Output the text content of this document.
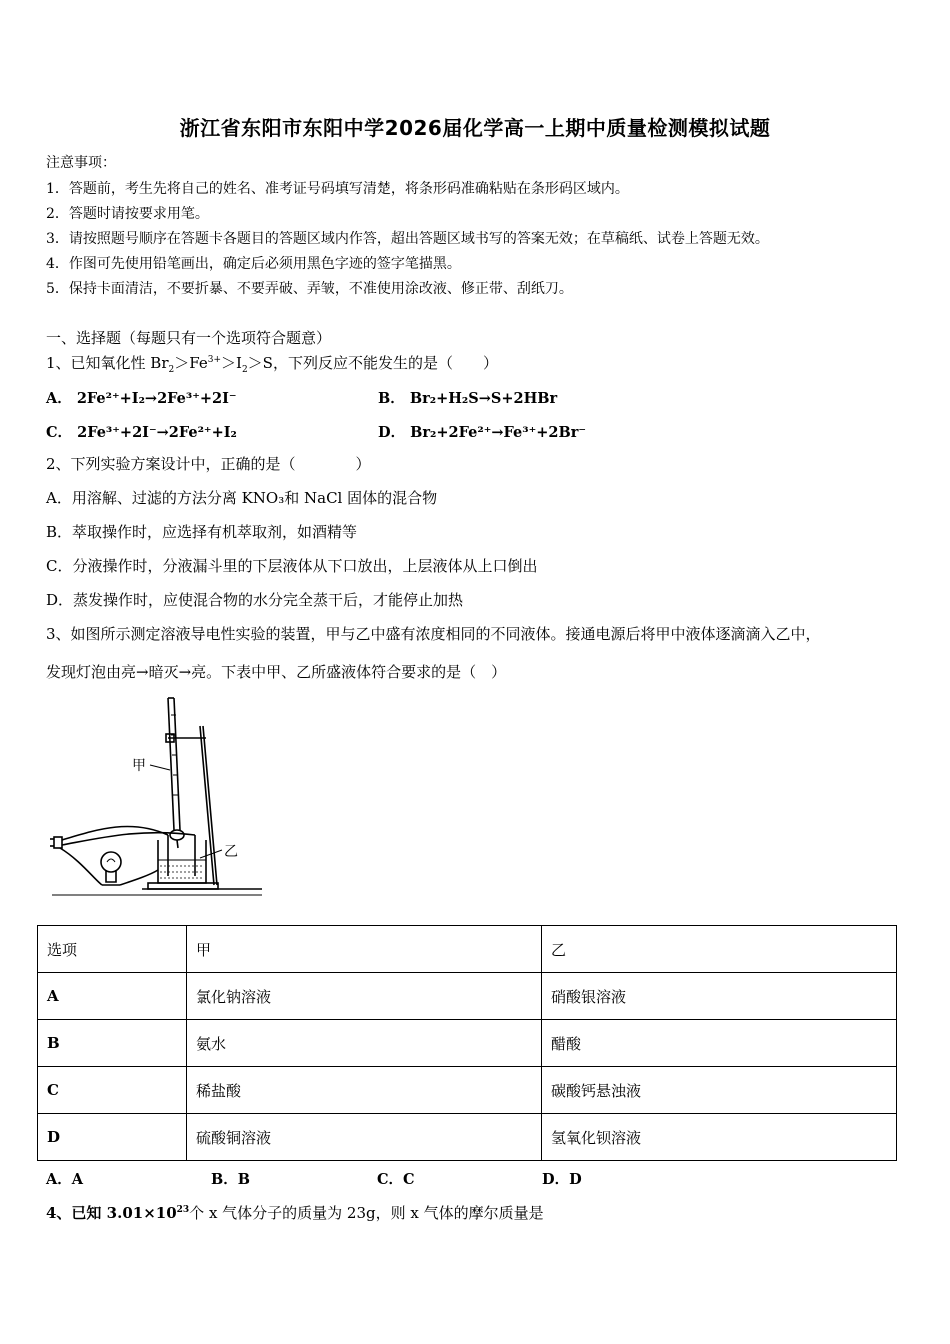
浙江省东阳市东阳中学2026届化学高一上期中质量检测模拟试题
注意事项：
1．答题前，考生先将自己的姓名、准考证号码填写清楚，将条形码准确粘贴在条形码区域内。
2．答题时请按要求用笔。
3．请按照题号顺序在答题卡各题目的答题区域内作答，超出答题区域书写的答案无效；在草稿纸、试卷上答题无效。
4．作图可先使用铅笔画出，确定后必须用黑色字迹的签字笔描黑。
5．保持卡面清洁，不要折暴、不要弄破、弄皱，不准使用涂改液、修正带、刮纸刀。
一、选择题（每题只有一个选项符合题意）
1、已知氧化性 $Br_2>Fe^{3+}>I_2>S$，下列反应不能发生的是（　　）
A． 2Fe²⁺+I₂→2Fe³⁺+2I⁻	B． Br₂+H₂S→S+2HBr
C． 2Fe³⁺+2I⁻→2Fe²⁺+I₂	D． Br₂+2Fe²⁺→Fe³⁺+2Br⁻
2、下列实验方案设计中，正确的是（　　　　）
A．用溶解、过滤的方法分离 KNO₃和 NaCl 固体的混合物
B．萃取操作时，应选择有机萃取剂，如酒精等
C．分液操作时，分液漏斗里的下层液体从下口放出，上层液体从上口倒出
D．蒸发操作时，应使混合物的水分完全蒸干后，才能停止加热
3、如图所示测定溶液导电性实验的装置，甲与乙中盛有浓度相同的不同液体。接通电源后将甲中液体逐滴滴入乙中，
发现灯泡由亮→暗灭→亮。下表中甲、乙所盛液体符合要求的是（　）
甲
乙
选项	甲	乙
A	氯化钠溶液	硝酸银溶液
B	氨水	醋酸
C	稀盐酸	碳酸钙悬浊液
D	硫酸铜溶液	氢氧化钡溶液
A．A	B．B	C．C	D．D
4、已知 $3.01\times 10^{23}$个 x 气体分子的质量为 23g，则 x 气体的摩尔质量是
